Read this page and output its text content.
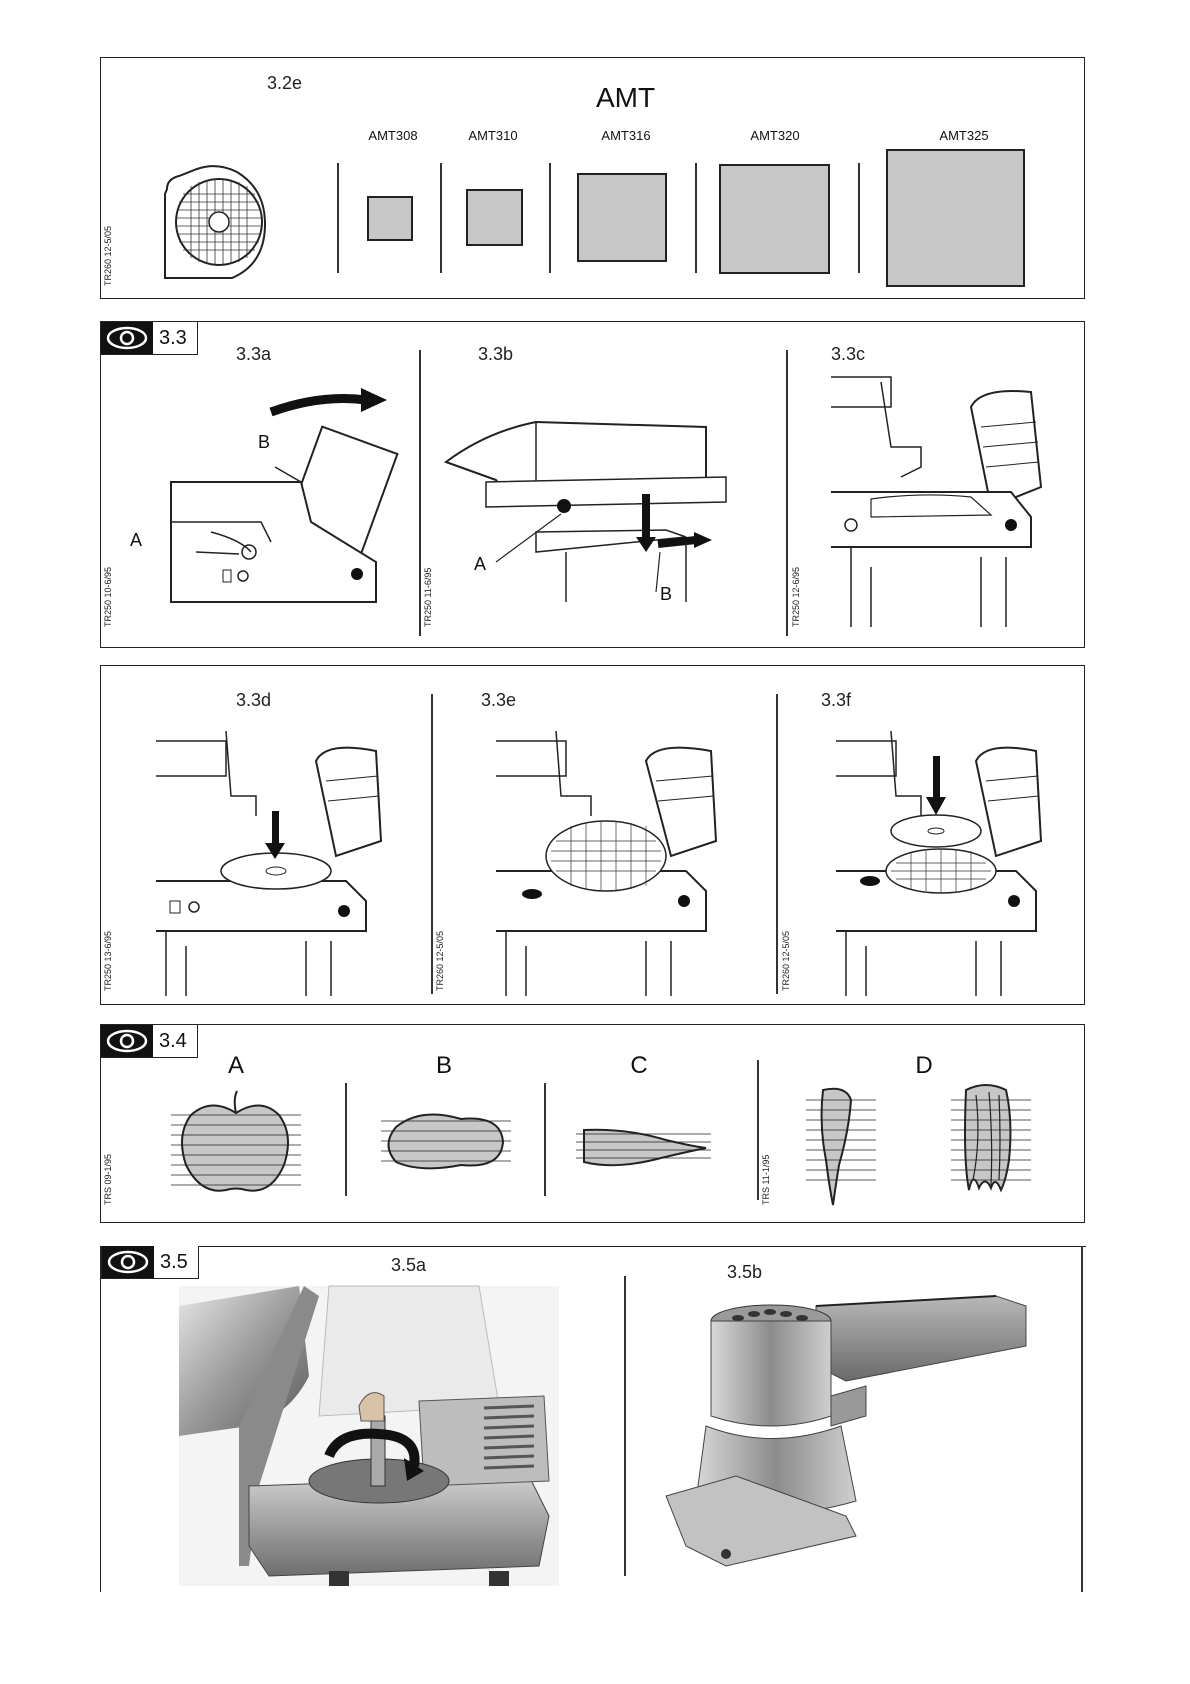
3.2e	AMT
AMT308	AMT310	AMT316	AMT320	AMT325
TR260 12-5/05
3.3
3.3a	3.3b	3.3c
A
B
TR250 10-6/95
A
B
TR250 11-6/95	TR250 12-6/95
3.3d	3.3e	3.3f
TR250 13-6/95	TR260 12-5/05	TR260 12-5/05
3.4
A	B	C	D
TRS 09-1/95	TRS 11-1/95
3.5	3.5a	3.5b
